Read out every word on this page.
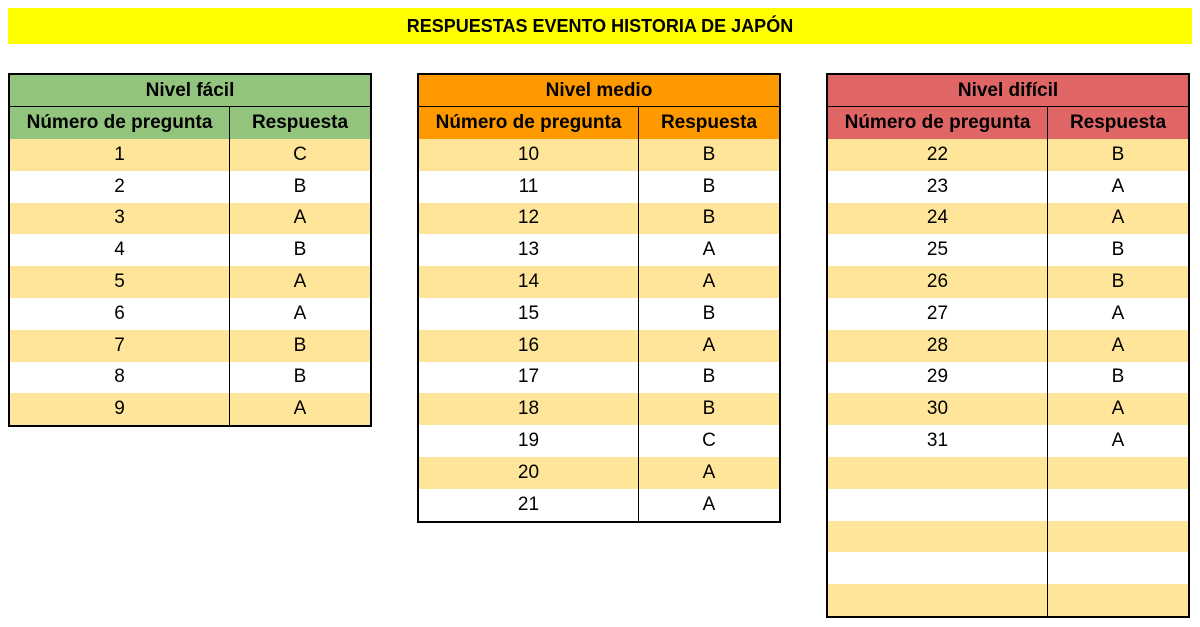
RESPUESTAS EVENTO HISTORIA DE JAPÓN
Nivel fácil
Número de pregunta	Respuesta
1	C
2	B
3	A
4	B
5	A
6	A
7	B
8	B
9	A
Nivel medio
Número de pregunta	Respuesta
10	B
11	B
12	B
13	A
14	A
15	B
16	A
17	B
18	B
19	C
20	A
21	A
Nivel difícil
Número de pregunta	Respuesta
22	B
23	A
24	A
25	B
26	B
27	A
28	A
29	B
30	A
31	A
